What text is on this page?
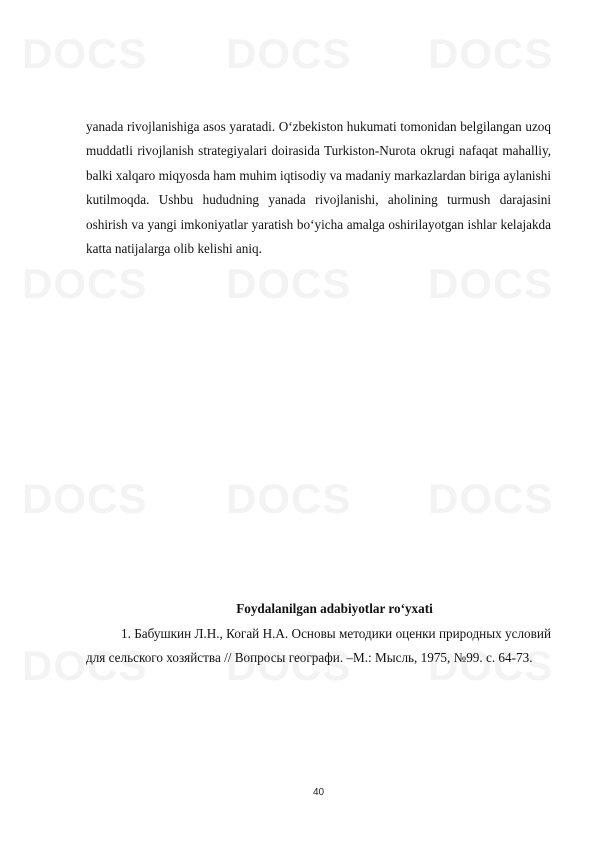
yanada rivojlanishiga asos yaratadi. O‘zbekiston hukumati tomonidan belgilangan uzoq muddatli rivojlanish strategiyalari doirasida Turkiston-Nurota okrugi nafaqat mahalliy, balki xalqaro miqyosda ham muhim iqtisodiy va madaniy markazlardan biriga aylanishi kutilmoqda. Ushbu hududning yanada rivojlanishi, aholining turmush darajasini oshirish va yangi imkoniyatlar yaratish bo‘yicha amalga oshirilayotgan ishlar kelajakda katta natijalarga olib kelishi aniq.

Foydalanilgan adabiyotlar ro‘yxati

1. Бабушкин Л.Н., Когай Н.А. Основы методики оценки природных условий для сельского хозяйства // Вопросы географи. –М.: Мысль, 1975, №99. с. 64-73.

40
